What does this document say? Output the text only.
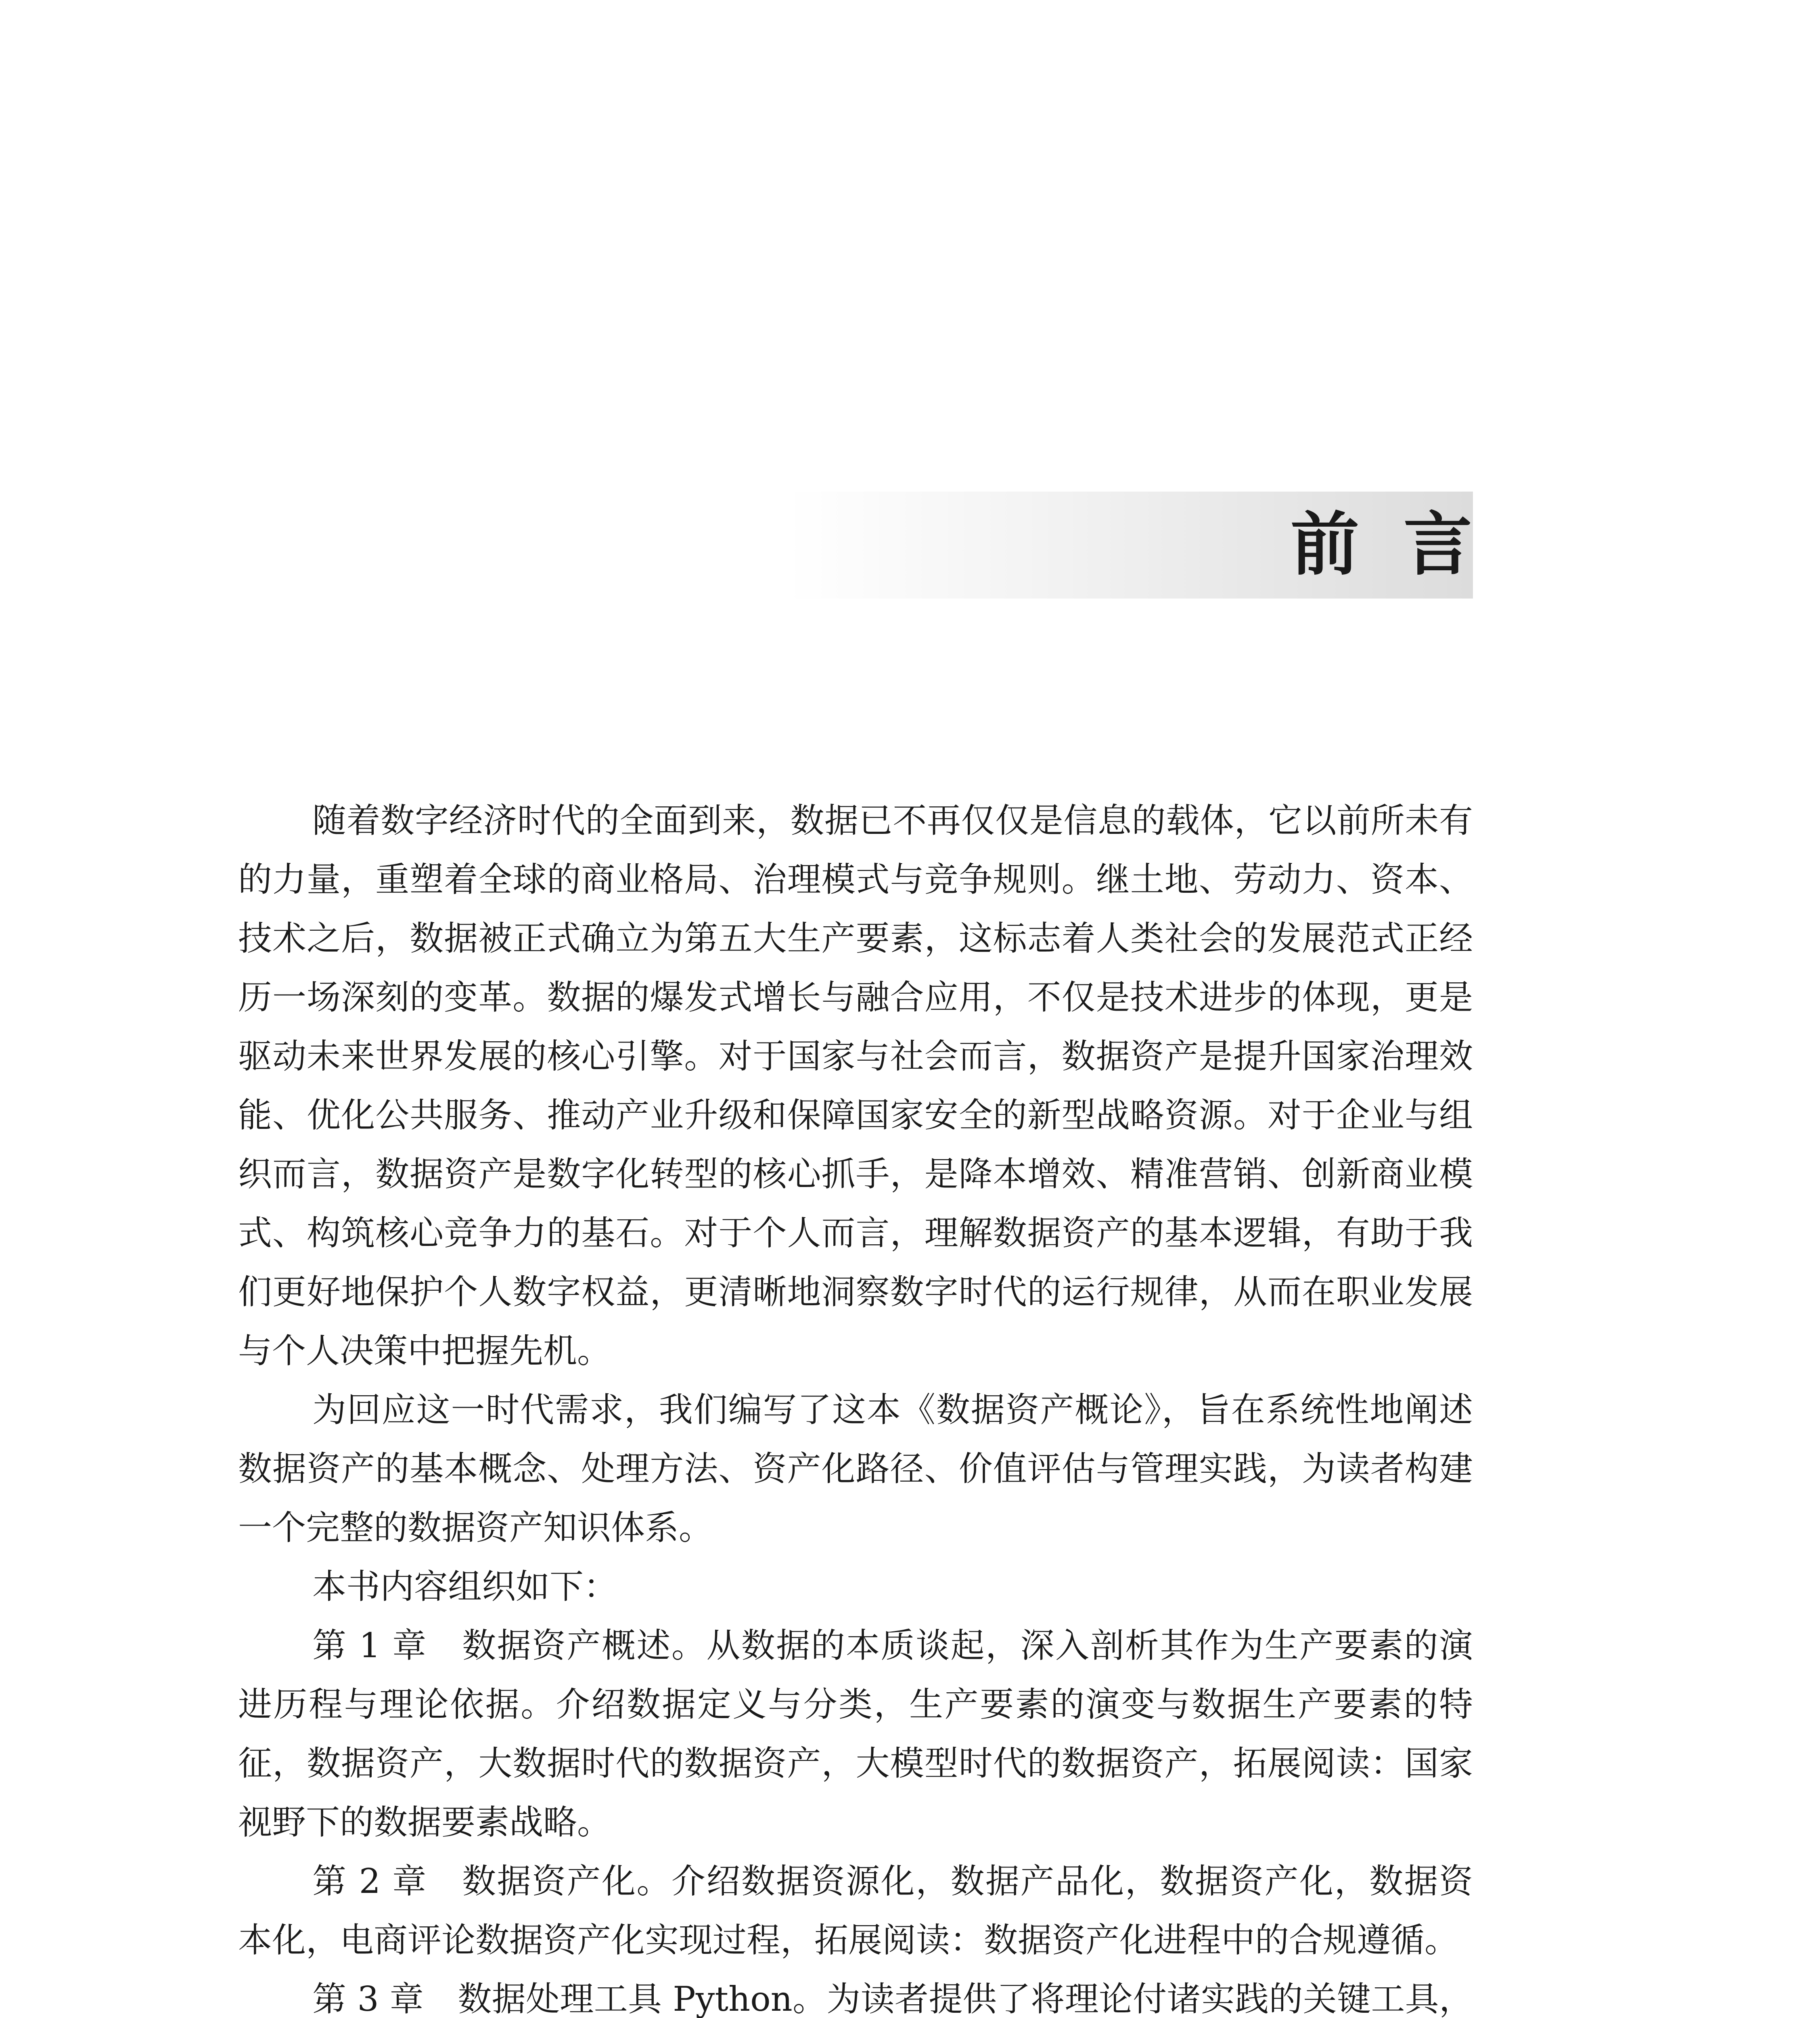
前言

随着数字经济时代的全面到来，数据已不再仅仅是信息的载体，它以前所未有的力量，重塑着全球的商业格局、治理模式与竞争规则。继土地、劳动力、资本、技术之后，数据被正式确立为第五大生产要素，这标志着人类社会的发展范式正经历一场深刻的变革。数据的爆发式增长与融合应用，不仅是技术进步的体现，更是驱动未来世界发展的核心引擎。对于国家与社会而言，数据资产是提升国家治理效能、优化公共服务、推动产业升级和保障国家安全的新型战略资源。对于企业与组织而言，数据资产是数字化转型的核心抓手，是降本增效、精准营销、创新商业模式、构筑核心竞争力的基石。对于个人而言，理解数据资产的基本逻辑，有助于我们更好地保护个人数字权益，更清晰地洞察数字时代的运行规律，从而在职业发展与个人决策中把握先机。

为回应这一时代需求，我们编写了这本《数据资产概论》，旨在系统性地阐述数据资产的基本概念、处理方法、资产化路径、价值评估与管理实践，为读者构建一个完整的数据资产知识体系。

本书内容组织如下：

第 1 章　数据资产概述。从数据的本质谈起，深入剖析其作为生产要素的演进历程与理论依据。介绍数据定义与分类，生产要素的演变与数据生产要素的特征，数据资产，大数据时代的数据资产，大模型时代的数据资产，拓展阅读：国家视野下的数据要素战略。

第 2 章　数据资产化。介绍数据资源化，数据产品化，数据资产化，数据资本化，电商评论数据资产化实现过程，拓展阅读：数据资产化进程中的合规遵循。

第 3 章　数据处理工具 Python。为读者提供了将理论付诸实践的关键工具，
